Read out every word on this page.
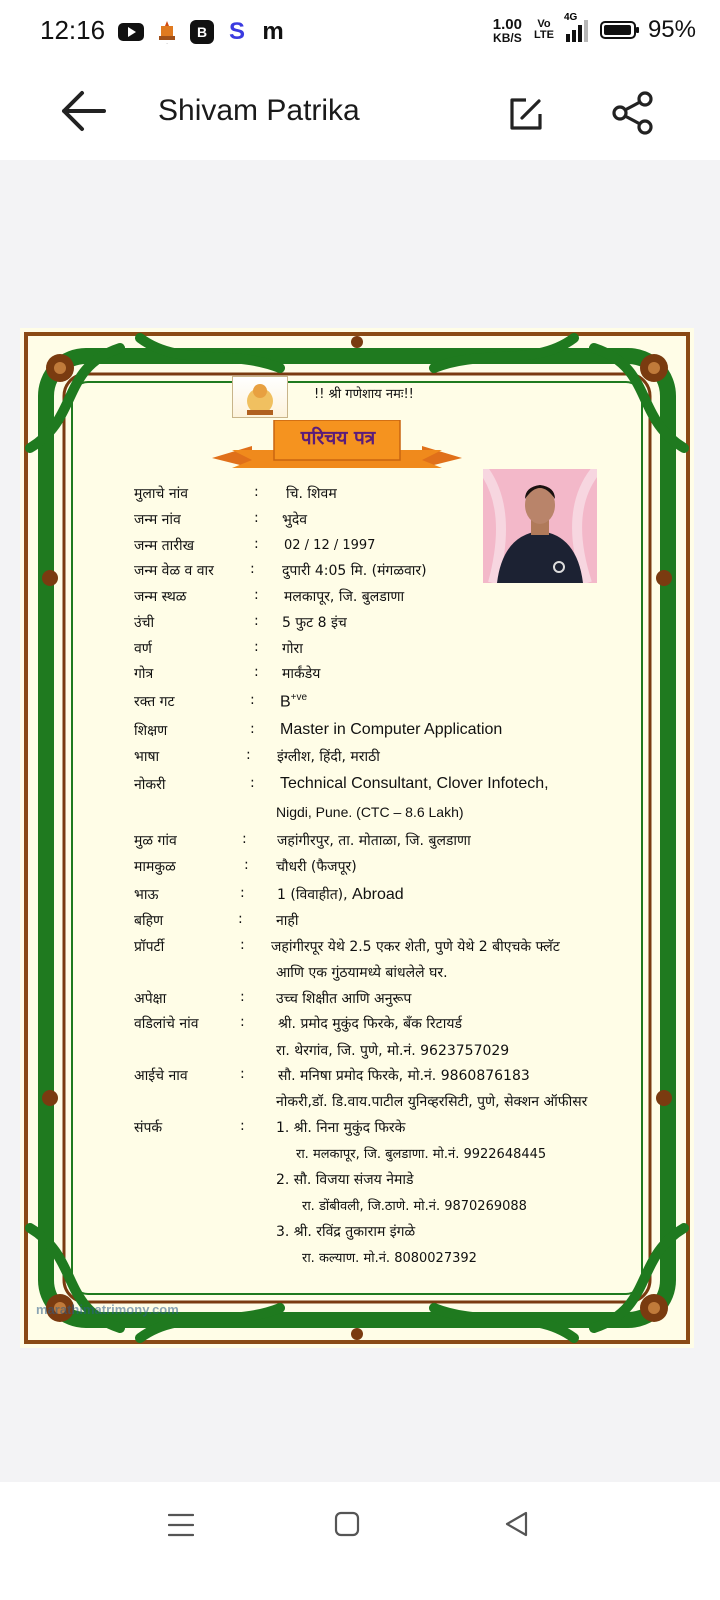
12:16	.
B S m	1.00
KB/S
Vo
LTE
4G	95%
Shivam Patrika
marathimatrimony.com
!! श्री गणेशाय नमः!!
परिचय पत्र
मुलाचे नांव	: चि. शिवम
जन्म नांव	: भुदेव
जन्म तारीख	: 02 / 12 / 1997
जन्म वेळ व वार	: दुपारी 4:05 मि. (मंगळवार)
जन्म स्थळ	: मलकापूर, जि. बुलडाणा
उंची	: 5 फुट 8 इंच
वर्ण	: गोरा
गोत्र	: मार्कंडेय
रक्त गट	: $B^{+ve}$
शिक्षण	: Master in Computer Application
भाषा	: इंग्लीश, हिंदी, मराठी
नोकरी	: Technical Consultant, Clover Infotech,
Nigdi, Pune. (CTC – 8.6 Lakh)
मुळ गांव	: जहांगीरपुर, ता. मोताळा, जि. बुलडाणा
मामकुळ	: चौधरी (फैजपूर)
भाऊ	: 1 (विवाहीत), Abroad
बहिण	: नाही
प्रॉपर्टी	: जहांगीरपूर येथे 2.5 एकर शेती, पुणे येथे 2 बीएचके फ्लॅट
आणि एक गुंठयामध्ये बांधलेले घर.
अपेक्षा	: उच्च शिक्षीत आणि अनुरूप
वडिलांचे नांव	: श्री. प्रमोद मुकुंद फिरके, बँक रिटायर्ड
रा. थेरगांव, जि. पुणे, मो.नं. 9623757029
आईचे नाव	: सौ. मनिषा प्रमोद फिरके, मो.नं. 9860876183
नोकरी,डॉ. डि.वाय.पाटील युनिव्हरसिटी, पुणे, सेक्शन ऑफीसर
संपर्क	: 1. श्री. निना मुकुंद फिरके
रा. मलकापूर, जि. बुलडाणा. मो.नं. 9922648445
2. सौ. विजया संजय नेमाडे
रा. डोंबीवली, जि.ठाणे. मो.नं. 9870269088
3. श्री. रविंद्र तुकाराम इंगळे
रा. कल्याण. मो.नं. 8080027392
